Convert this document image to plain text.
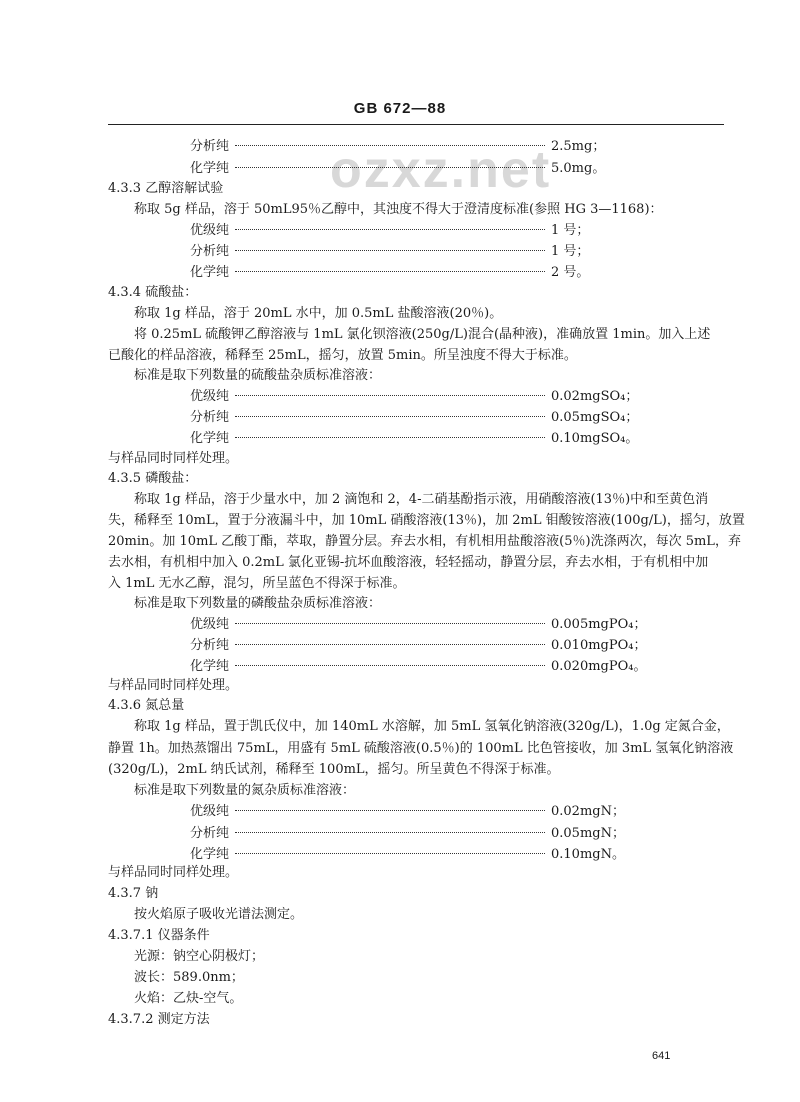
GB 672—88
ozxz.net
分析纯	2.5mg；
化学纯	5.0mg。
4.3.3 乙醇溶解试验
称取 5g 样品，溶于 50mL95％乙醇中，其浊度不得大于澄清度标准(参照 HG 3—1168)：
优级纯	1 号；
分析纯	1 号；
化学纯	2 号。
4.3.4 硫酸盐：
称取 1g 样品，溶于 20mL 水中，加 0.5mL 盐酸溶液(20％)。
将 0.25mL 硫酸钾乙醇溶液与 1mL 氯化钡溶液(250g/L)混合(晶种液)，准确放置 1min。加入上述
已酸化的样品溶液，稀释至 25mL，摇匀，放置 5min。所呈浊度不得大于标准。
标准是取下列数量的硫酸盐杂质标准溶液：
优级纯	0.02mgSO₄；
分析纯	0.05mgSO₄；
化学纯	0.10mgSO₄。
与样品同时同样处理。
4.3.5 磷酸盐：
称取 1g 样品，溶于少量水中，加 2 滴饱和 2，4-二硝基酚指示液，用硝酸溶液(13％)中和至黄色消
失，稀释至 10mL，置于分液漏斗中，加 10mL 硝酸溶液(13％)，加 2mL 钼酸铵溶液(100g/L)，摇匀，放置
20min。加 10mL 乙酸丁酯，萃取，静置分层。弃去水相，有机相用盐酸溶液(5％)洗涤两次，每次 5mL，弃
去水相，有机相中加入 0.2mL 氯化亚锡-抗坏血酸溶液，轻轻摇动，静置分层，弃去水相，于有机相中加
入 1mL 无水乙醇，混匀，所呈蓝色不得深于标准。
标准是取下列数量的磷酸盐杂质标准溶液：
优级纯	0.005mgPO₄；
分析纯	0.010mgPO₄；
化学纯	0.020mgPO₄。
与样品同时同样处理。
4.3.6 氮总量
称取 1g 样品，置于凯氏仪中，加 140mL 水溶解，加 5mL 氢氧化钠溶液(320g/L)，1.0g 定氮合金，
静置 1h。加热蒸馏出 75mL，用盛有 5mL 硫酸溶液(0.5％)的 100mL 比色管接收，加 3mL 氢氧化钠溶液
(320g/L)，2mL 纳氏试剂，稀释至 100mL，摇匀。所呈黄色不得深于标准。
标准是取下列数量的氮杂质标准溶液：
优级纯	0.02mgN；
分析纯	0.05mgN；
化学纯	0.10mgN。
与样品同时同样处理。
4.3.7 钠
按火焰原子吸收光谱法测定。
4.3.7.1 仪器条件
光源：钠空心阴极灯；
波长：589.0nm；
火焰：乙炔-空气。
4.3.7.2 测定方法
641
